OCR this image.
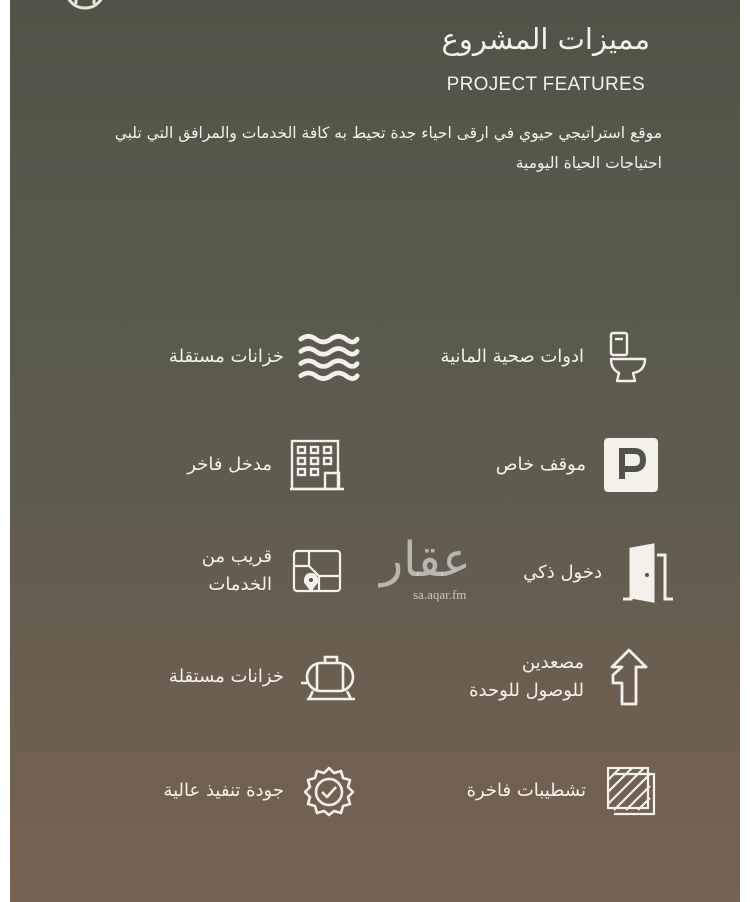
مميزات المشروع
PROJECT FEATURES
موقع استراتيجي حيوي في ارقى احياء جدة تحيط به كافة الخدمات والمرافق التي تلبي احتياجات الحياة اليومية
ادوات صحية المانية
موقف خاص
دخول ذكي
مصعدين
للوصول للوحدة
تشطيبات فاخرة
خزانات مستقلة
مدخل فاخر
قريب من
الخدمات
خزانات مستقلة
جودة تنفيذ عالية
عقار
sa.aqar.fm
